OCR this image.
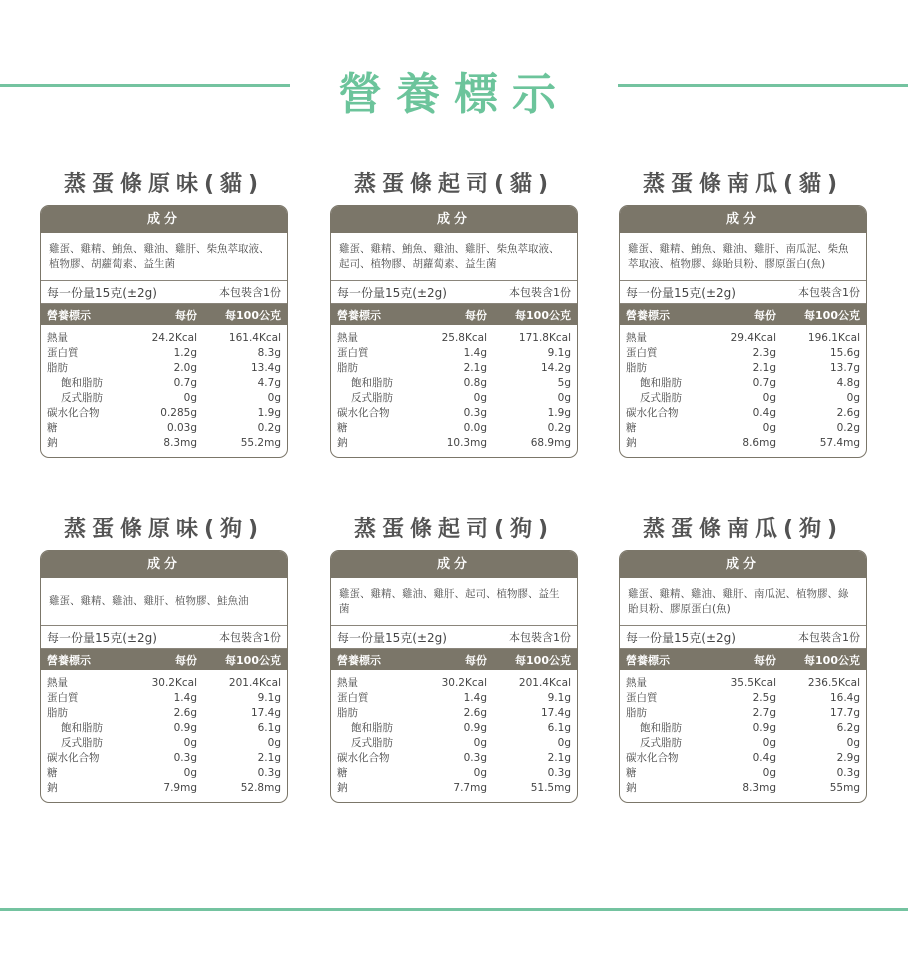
營養標示
蒸蛋條原味(貓)
成分
雞蛋、雞精、鮪魚、雞油、雞肝、柴魚萃取液、植物膠、胡蘿蔔素、益生菌
每一份量15克(±2g)	本包裝含1份
營養標示	每份	每100公克
熱量	24.2Kcal	161.4Kcal
蛋白質	1.2g	8.3g
脂肪	2.0g	13.4g
飽和脂肪	0.7g	4.7g
反式脂肪	0g	0g
碳水化合物	0.285g	1.9g
糖	0.03g	0.2g
鈉	8.3mg	55.2mg
蒸蛋條起司(貓)
成分
雞蛋、雞精、鮪魚、雞油、雞肝、柴魚萃取液、起司、植物膠、胡蘿蔔素、益生菌
每一份量15克(±2g)	本包裝含1份
營養標示	每份	每100公克
熱量	25.8Kcal	171.8Kcal
蛋白質	1.4g	9.1g
脂肪	2.1g	14.2g
飽和脂肪	0.8g	5g
反式脂肪	0g	0g
碳水化合物	0.3g	1.9g
糖	0.0g	0.2g
鈉	10.3mg	68.9mg
蒸蛋條南瓜(貓)
成分
雞蛋、雞精、鮪魚、雞油、雞肝、南瓜泥、柴魚萃取液、植物膠、綠貽貝粉、膠原蛋白(魚)
每一份量15克(±2g)	本包裝含1份
營養標示	每份	每100公克
熱量	29.4Kcal	196.1Kcal
蛋白質	2.3g	15.6g
脂肪	2.1g	13.7g
飽和脂肪	0.7g	4.8g
反式脂肪	0g	0g
碳水化合物	0.4g	2.6g
糖	0g	0.2g
鈉	8.6mg	57.4mg
蒸蛋條原味(狗)
成分
雞蛋、雞精、雞油、雞肝、植物膠、鮭魚油
每一份量15克(±2g)	本包裝含1份
營養標示	每份	每100公克
熱量	30.2Kcal	201.4Kcal
蛋白質	1.4g	9.1g
脂肪	2.6g	17.4g
飽和脂肪	0.9g	6.1g
反式脂肪	0g	0g
碳水化合物	0.3g	2.1g
糖	0g	0.3g
鈉	7.9mg	52.8mg
蒸蛋條起司(狗)
成分
雞蛋、雞精、雞油、雞肝、起司、植物膠、益生菌
每一份量15克(±2g)	本包裝含1份
營養標示	每份	每100公克
熱量	30.2Kcal	201.4Kcal
蛋白質	1.4g	9.1g
脂肪	2.6g	17.4g
飽和脂肪	0.9g	6.1g
反式脂肪	0g	0g
碳水化合物	0.3g	2.1g
糖	0g	0.3g
鈉	7.7mg	51.5mg
蒸蛋條南瓜(狗)
成分
雞蛋、雞精、雞油、雞肝、南瓜泥、植物膠、綠貽貝粉、膠原蛋白(魚)
每一份量15克(±2g)	本包裝含1份
營養標示	每份	每100公克
熱量	35.5Kcal	236.5Kcal
蛋白質	2.5g	16.4g
脂肪	2.7g	17.7g
飽和脂肪	0.9g	6.2g
反式脂肪	0g	0g
碳水化合物	0.4g	2.9g
糖	0g	0.3g
鈉	8.3mg	55mg
